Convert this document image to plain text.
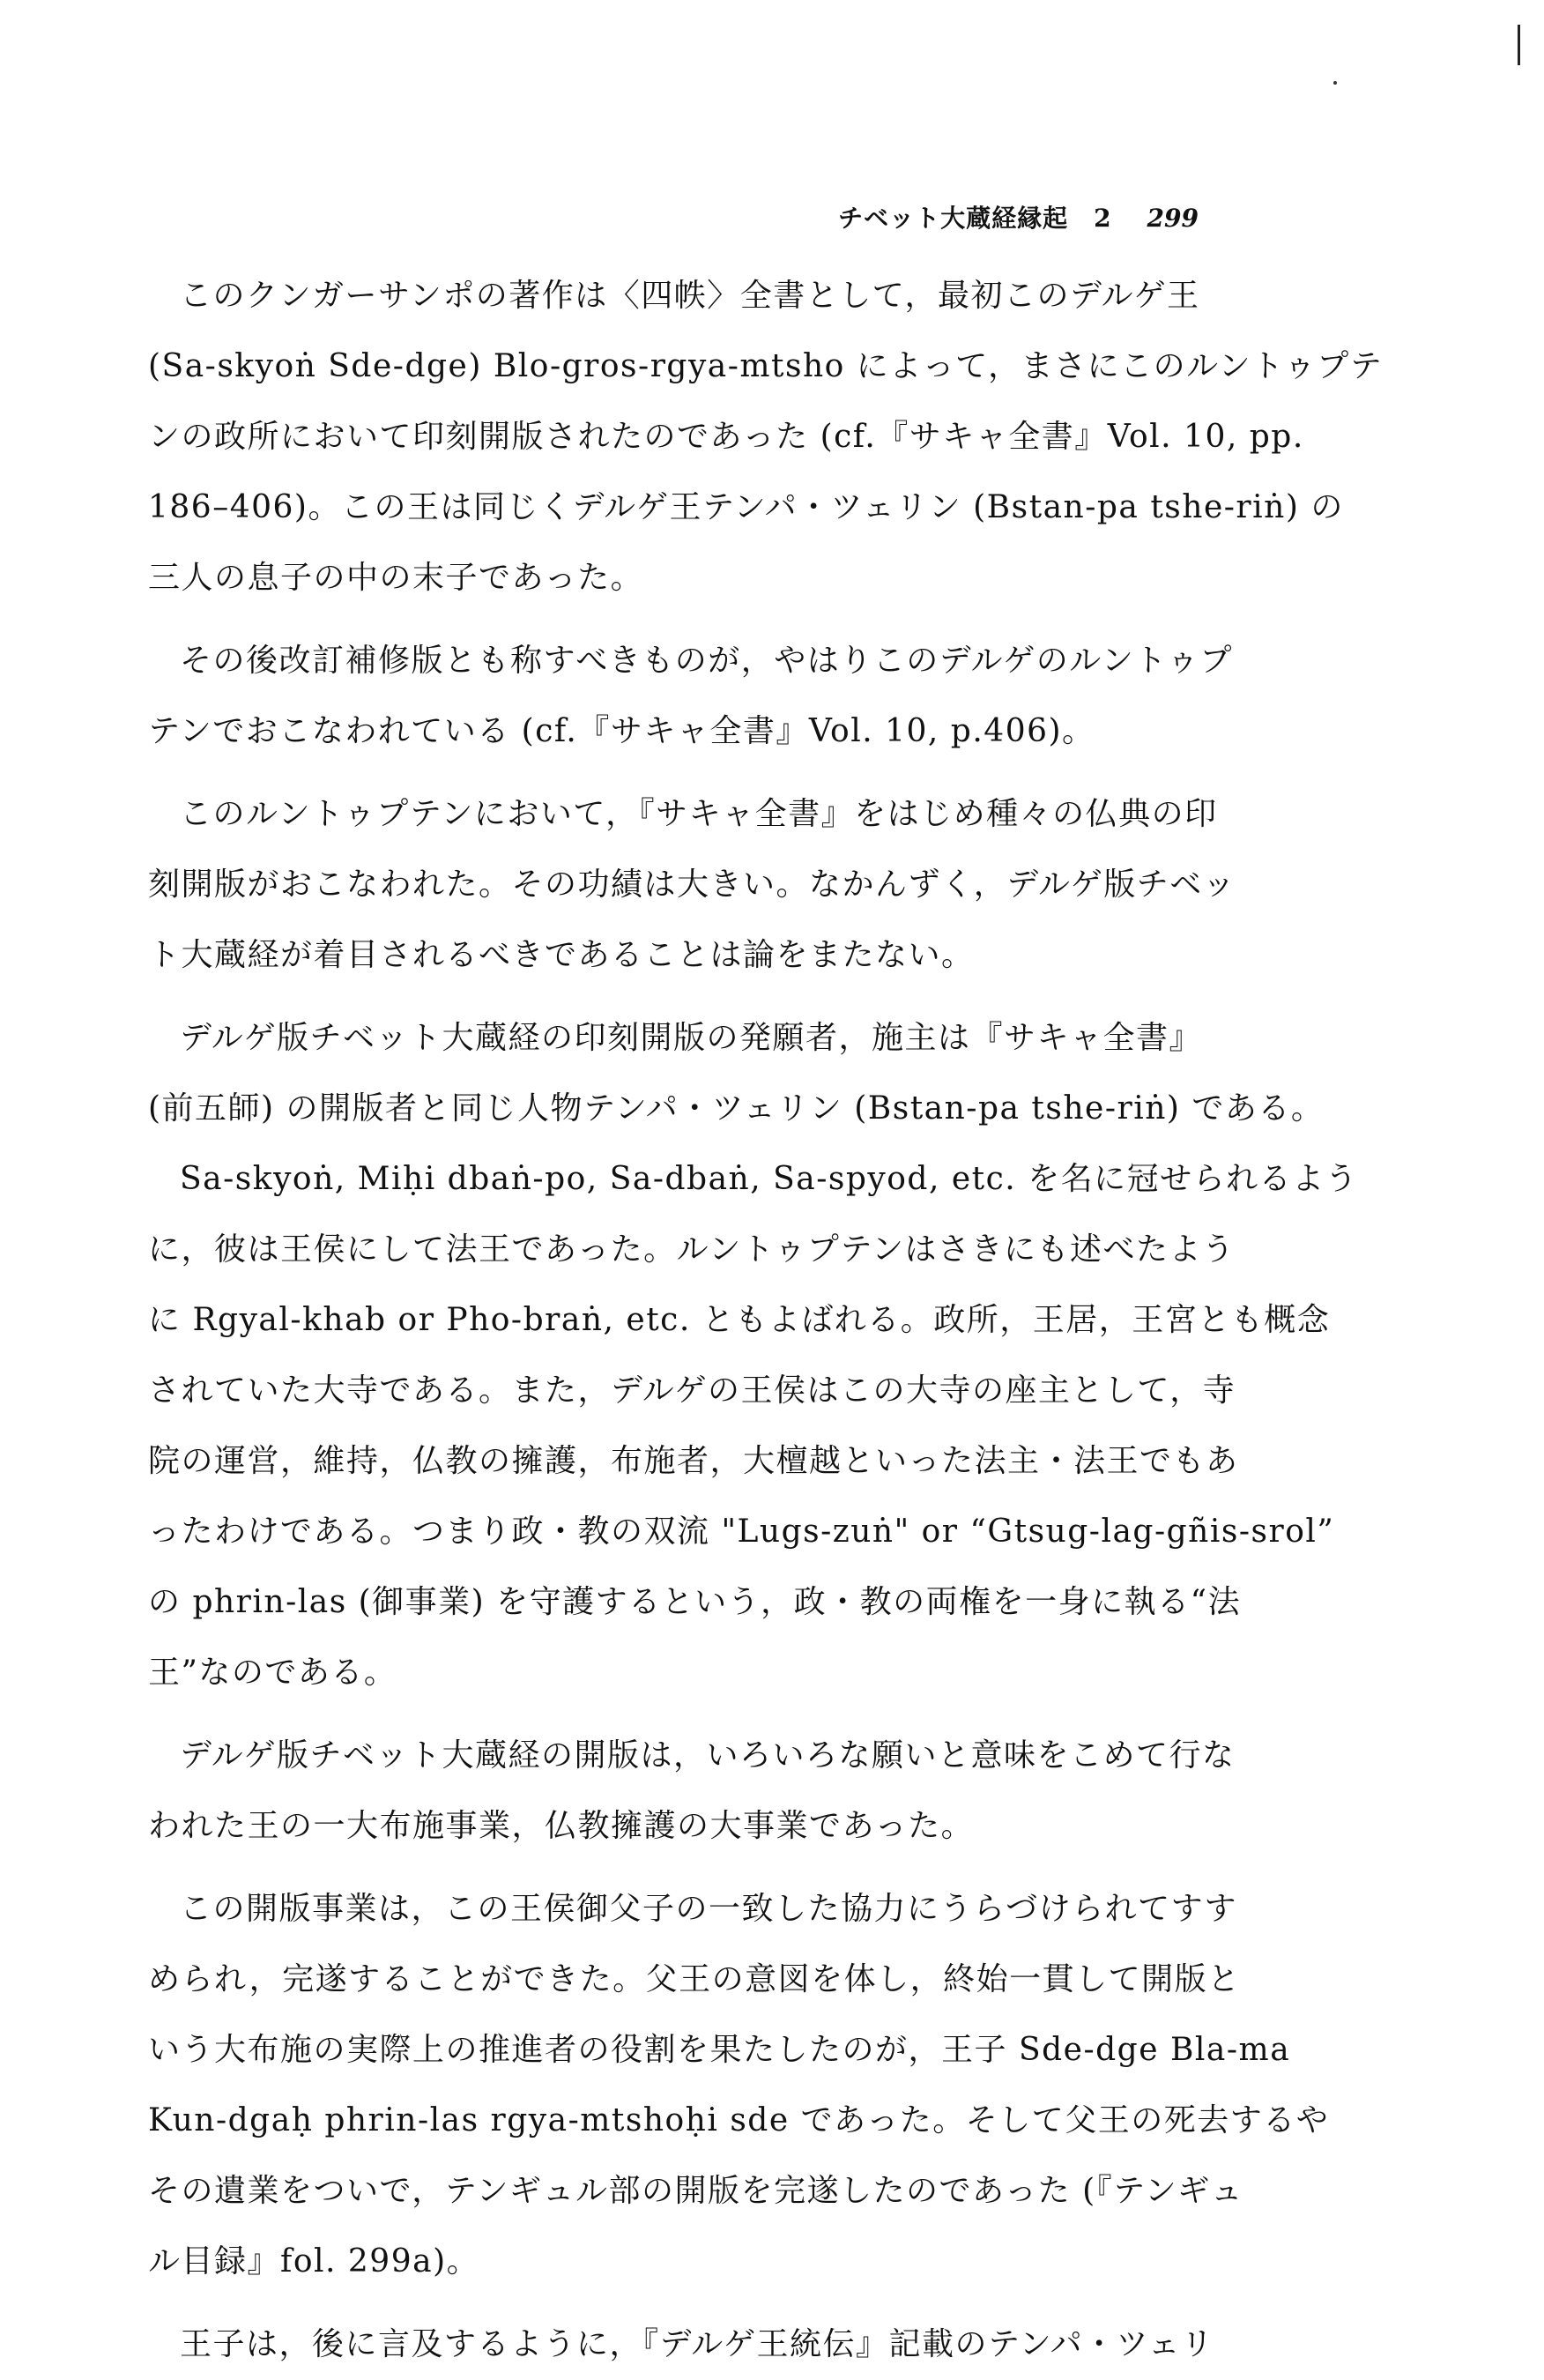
チベット大蔵経縁起　2 299
このクンガーサンポの著作は〈四帙〉全書として，最初このデルゲ王
(Sa-skyoṅ Sde-dge) Blo-gros-rgya-mtsho によって，まさにこのルントゥプテ
ンの政所において印刻開版されたのであった (cf.『サキャ全書』Vol. 10, pp.
186–406)。この王は同じくデルゲ王テンパ・ツェリン (Bstan-pa tshe-riṅ) の
三人の息子の中の末子であった。
その後改訂補修版とも称すべきものが，やはりこのデルゲのルントゥプ
テンでおこなわれている (cf.『サキャ全書』Vol. 10, p.406)。
このルントゥプテンにおいて，『サキャ全書』をはじめ種々の仏典の印
刻開版がおこなわれた。その功績は大きい。なかんずく，デルゲ版チベッ
ト大蔵経が着目されるべきであることは論をまたない。
デルゲ版チベット大蔵経の印刻開版の発願者，施主は『サキャ全書』
(前五師) の開版者と同じ人物テンパ・ツェリン (Bstan-pa tshe-riṅ) である。
Sa-skyoṅ, Miḥi dbaṅ-po, Sa-dbaṅ, Sa-spyod, etc. を名に冠せられるよう
に，彼は王侯にして法王であった。ルントゥプテンはさきにも述べたよう
に Rgyal-khab or Pho-braṅ, etc. ともよばれる。政所，王居，王宮とも概念
されていた大寺である。また，デルゲの王侯はこの大寺の座主として，寺
院の運営，維持，仏教の擁護，布施者，大檀越といった法主・法王でもあ
ったわけである。つまり政・教の双流 "Lugs-zuṅ" or “Gtsug-lag-gñis-srol”
の phrin-las (御事業) を守護するという，政・教の両権を一身に執る“法
王”なのである。
デルゲ版チベット大蔵経の開版は，いろいろな願いと意味をこめて行な
われた王の一大布施事業，仏教擁護の大事業であった。
この開版事業は，この王侯御父子の一致した協力にうらづけられてすす
められ，完遂することができた。父王の意図を体し，終始一貫して開版と
いう大布施の実際上の推進者の役割を果たしたのが，王子 Sde-dge Bla-ma
Kun-dgaḥ phrin-las rgya-mtshoḥi sde であった。そして父王の死去するや
その遺業をついで，テンギュル部の開版を完遂したのであった (『テンギュ
ル目録』fol. 299a)。
王子は，後に言及するように，『デルゲ王統伝』記載のテンパ・ツェリ
